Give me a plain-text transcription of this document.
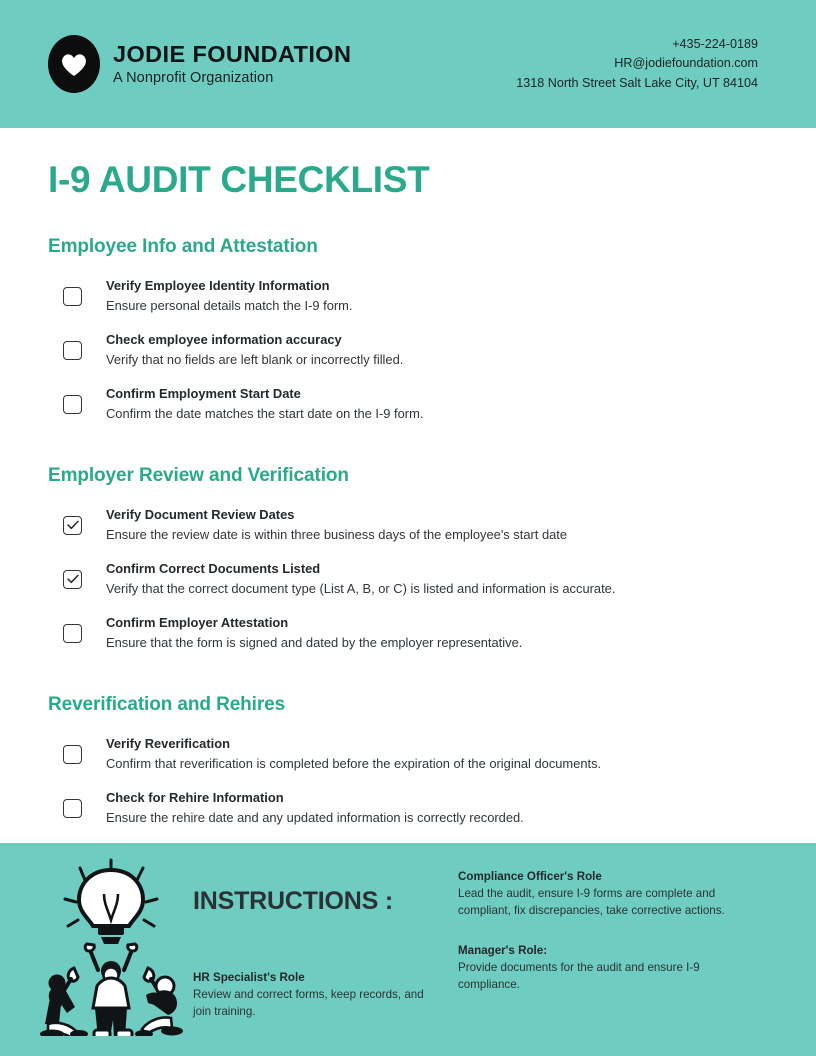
JODIE FOUNDATION
A Nonprofit Organization
+435-224-0189
HR@jodiefoundation.com
1318 North Street Salt Lake City, UT 84104
I-9 AUDIT CHECKLIST
Employee Info and Attestation

Verify Employee Identity Information

Ensure personal details match the I-9 form.

Check employee information accuracy

Verify that no fields are left blank or incorrectly filled.

Confirm Employment Start Date

Confirm the date matches the start date on the I-9 form.

Employer Review and Verification

Verify Document Review Dates

Ensure the review date is within three business days of the employee's start date

Confirm Correct Documents Listed

Verify that the correct document type (List A, B, or C) is listed and information is accurate.

Confirm Employer Attestation

Ensure that the form is signed and dated by the employer representative.

Reverification and Rehires

Verify Reverification

Confirm that reverification is completed before the expiration of the original documents.

Check for Rehire Information

Ensure the rehire date and any updated information is correctly recorded.

INSTRUCTIONS :

HR Specialist's Role

Review and correct forms, keep records, and join training.

Compliance Officer's Role

Lead the audit, ensure I-9 forms are complete and compliant, fix discrepancies, take corrective actions.

Manager's Role:

Provide documents for the audit and ensure I-9 compliance.
